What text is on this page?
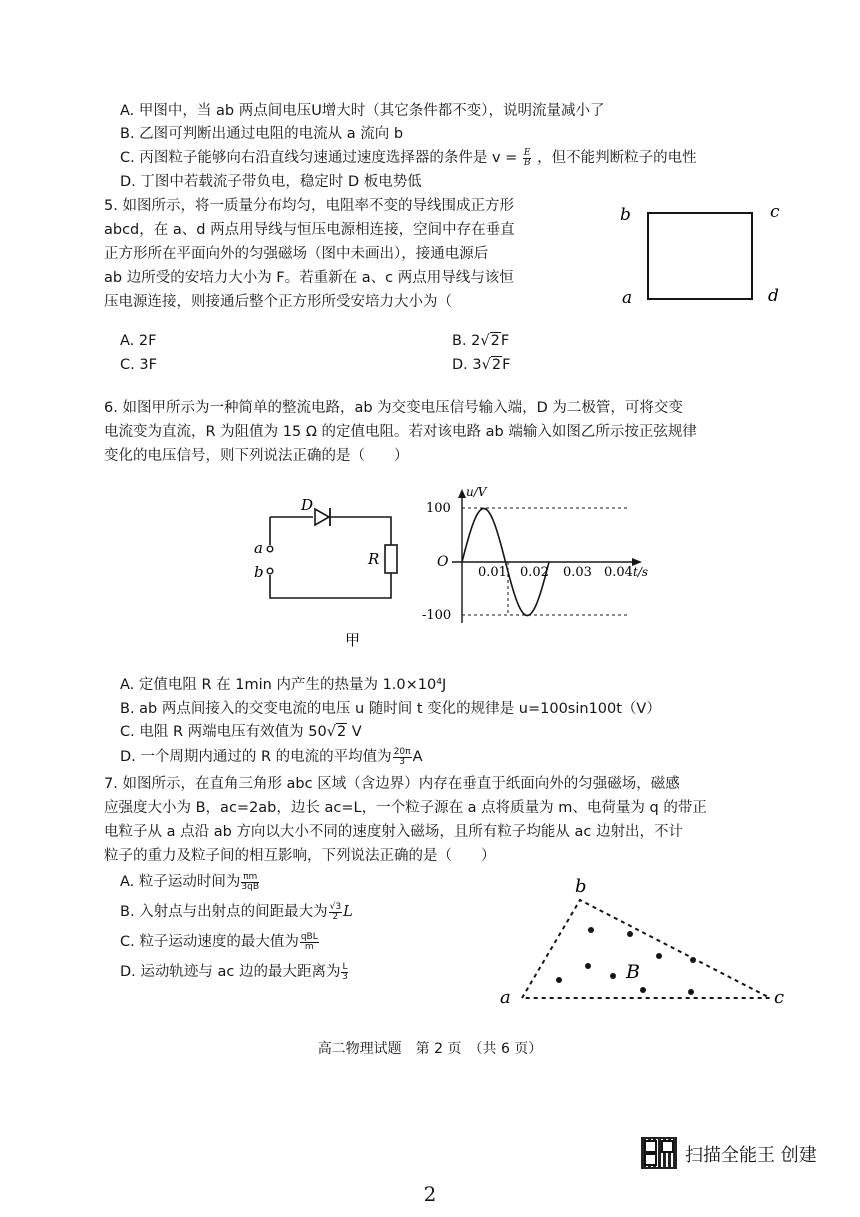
A. 甲图中，当 ab 两点间电压U增大时（其它条件都不变），说明流量减小了
B. 乙图可判断出通过电阻的电流从 a 流向 b
C. 丙图粒子能够向右沿直线匀速通过速度选择器的条件是 $v = \frac{E}{B}$ ，但不能判断粒子的电性
D. 丁图中若载流子带负电，稳定时 D 板电势低
5. 如图所示，将一质量分布均匀，电阻率不变的导线围成正方形
abcd，在 a、d 两点用导线与恒压电源相连接，空间中存在垂直
正方形所在平面向外的匀强磁场（图中未画出），接通电源后
ab 边所受的安培力大小为 F。若重新在 a、c 两点用导线与该恒
压电源连接，则接通后整个正方形所受安培力大小为（
b	c
a	d
A. 2F	B. 2√2F
C. 3F	D. 3√2F
6. 如图甲所示为一种简单的整流电路，ab 为交变电压信号输入端，D 为二极管，可将交变
电流变为直流，R 为阻值为 15 Ω 的定值电阻。若对该电路 ab 端输入如图乙所示按正弦规律
变化的电压信号，则下列说法正确的是（　　）
D
R
a
b
甲
u/V
t/s
O
100
-100
0.01 0.02 0.03 0.04
A. 定值电阻 R 在 1min 内产生的热量为 1.0×10⁴J
B. ab 两点间接入的交变电流的电压 u 随时间 t 变化的规律是 u=100sin100t（V）
C. 电阻 R 两端电压有效值为 50√2 V
D. 一个周期内通过的 R 的电流的平均值为 $\frac{20\pi}{3}$ A
7. 如图所示，在直角三角形 abc 区域（含边界）内存在垂直于纸面向外的匀强磁场，磁感
应强度大小为 B，ac=2ab，边长 ac=L，一个粒子源在 a 点将质量为 m、电荷量为 q 的带正
电粒子从 a 点沿 ab 方向以大小不同的速度射入磁场，且所有粒子均能从 ac 边射出，不计
粒子的重力及粒子间的相互影响，下列说法正确的是（　　）
A. 粒子运动时间为 $\frac{\pi m}{3qB}$
B. 入射点与出射点的间距最大为 $\frac{√3}{2}$ L
C. 粒子运动速度的最大值为 $\frac{\text{qBL}}{m}$
D. 运动轨迹与 ac 边的最大距离为 $\frac{L}{3}$
b
a	c
B
高二物理试题　第 2 页　（共 6 页）
扫描全能王 创建
2
